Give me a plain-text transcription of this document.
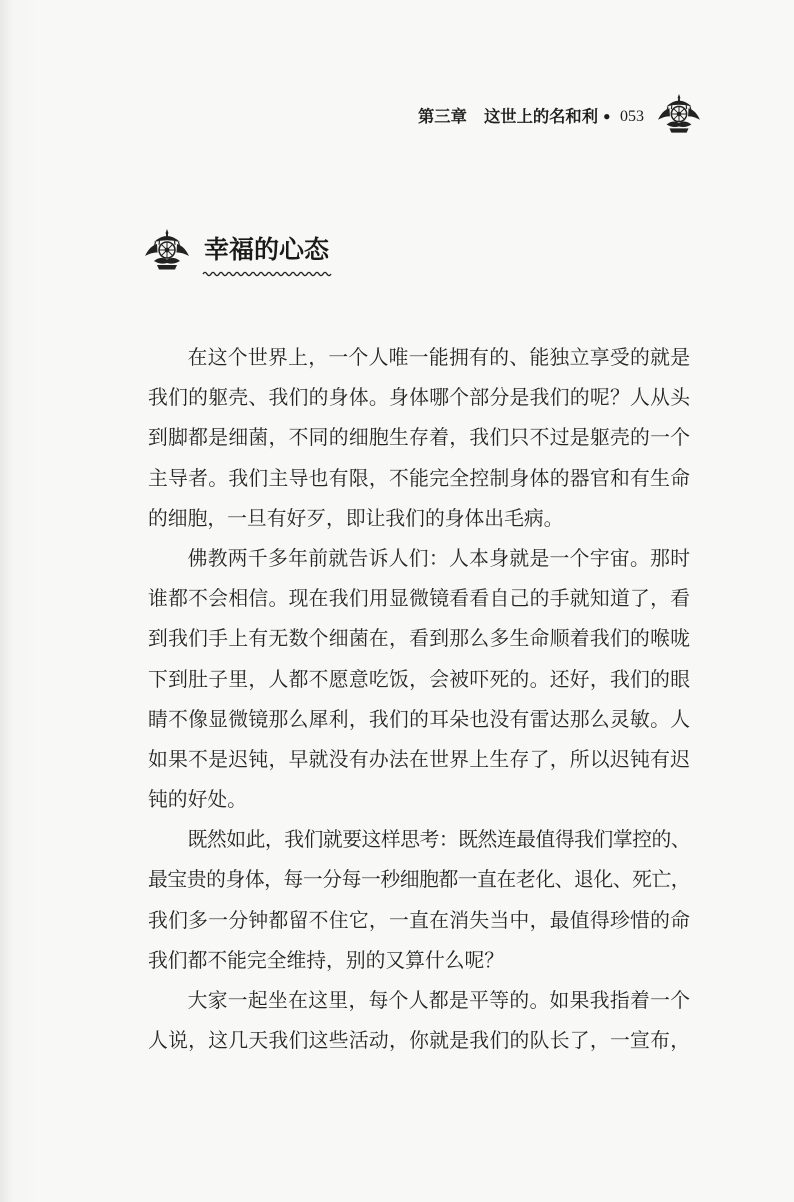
第三章 这世上的名和利 • 053
幸福的心态
在这个世界上，一个人唯一能拥有的、能独立享受的就是
我们的躯壳、我们的身体。身体哪个部分是我们的呢？人从头
到脚都是细菌，不同的细胞生存着，我们只不过是躯壳的一个
主导者。我们主导也有限，不能完全控制身体的器官和有生命
的细胞，一旦有好歹，即让我们的身体出毛病。
佛教两千多年前就告诉人们：人本身就是一个宇宙。那时
谁都不会相信。现在我们用显微镜看看自己的手就知道了，看
到我们手上有无数个细菌在，看到那么多生命顺着我们的喉咙
下到肚子里，人都不愿意吃饭，会被吓死的。还好，我们的眼
睛不像显微镜那么犀利，我们的耳朵也没有雷达那么灵敏。人
如果不是迟钝，早就没有办法在世界上生存了，所以迟钝有迟
钝的好处。
既然如此，我们就要这样思考：既然连最值得我们掌控的、
最宝贵的身体，每一分每一秒细胞都一直在老化、退化、死亡，
我们多一分钟都留不住它，一直在消失当中，最值得珍惜的命
我们都不能完全维持，别的又算什么呢？
大家一起坐在这里，每个人都是平等的。如果我指着一个
人说，这几天我们这些活动，你就是我们的队长了，一宣布，
